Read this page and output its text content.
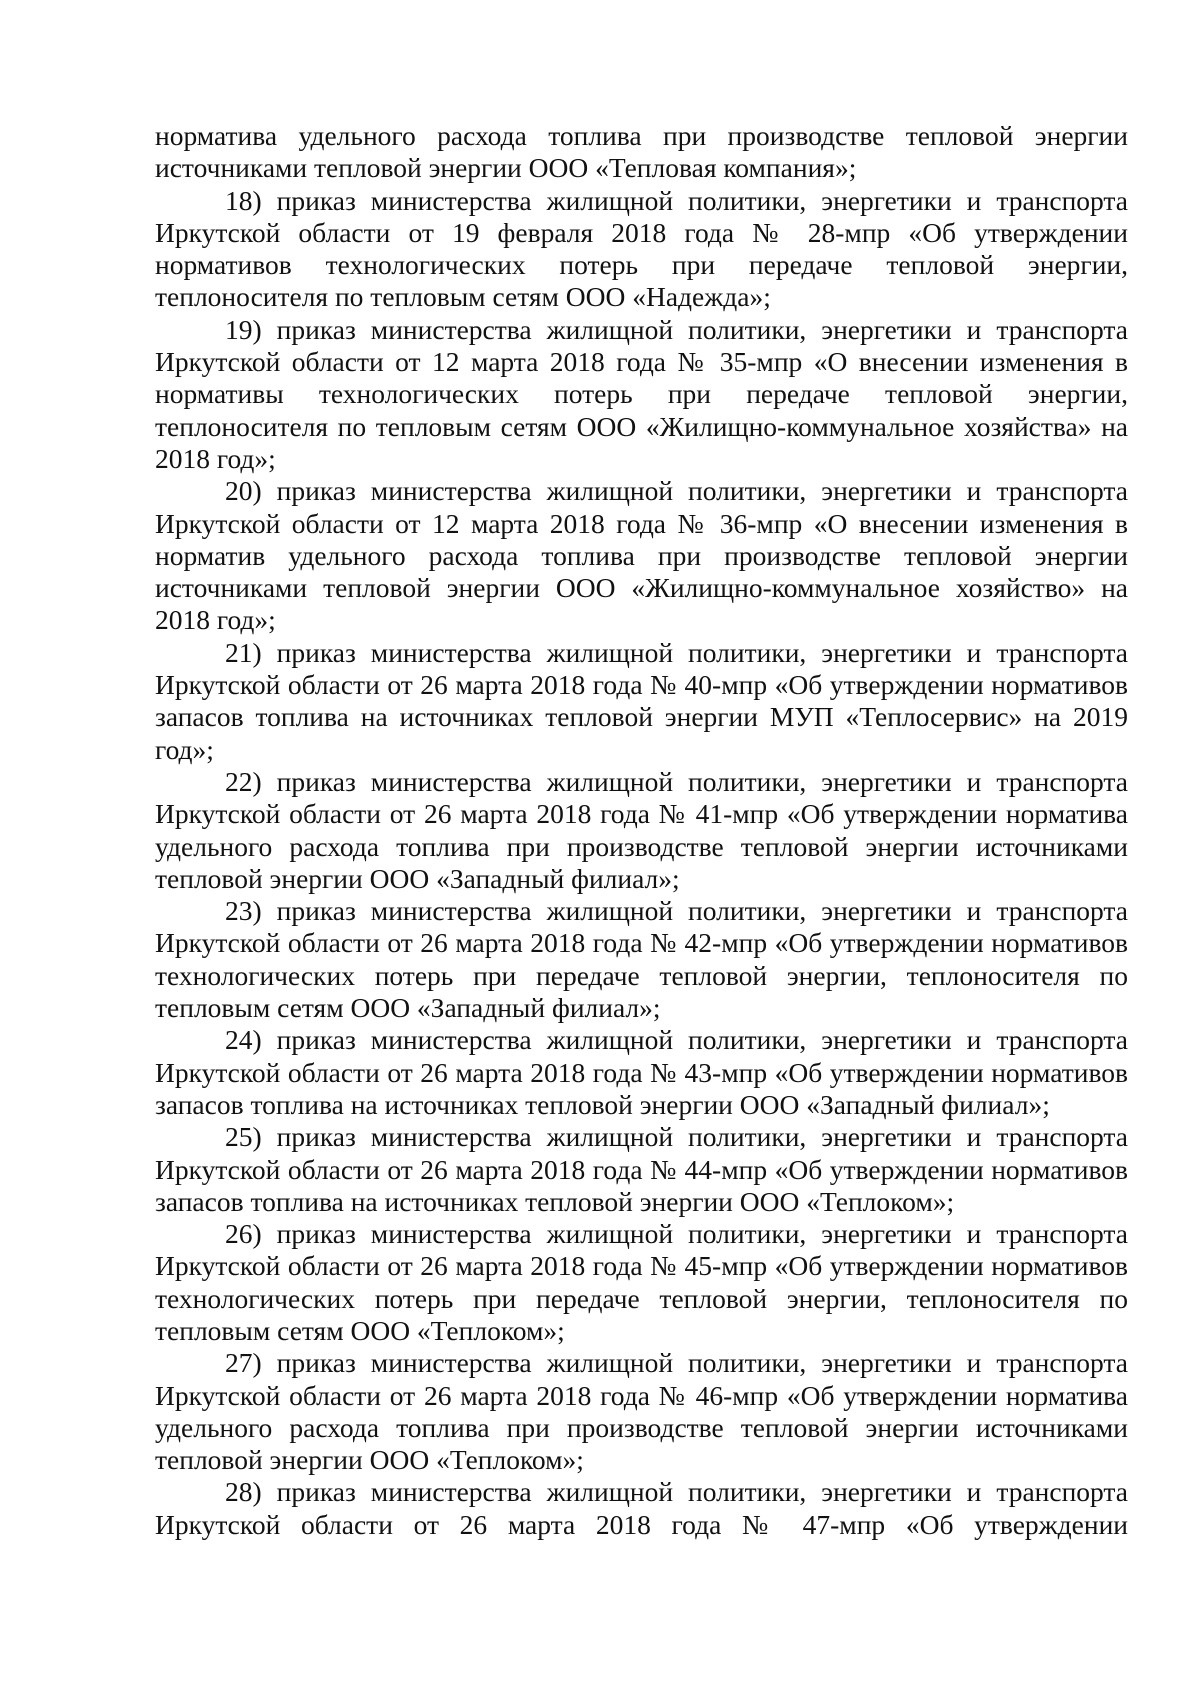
норматива удельного расхода топлива при производстве тепловой энергии источниками тепловой энергии ООО «Тепловая компания»;

18) приказ министерства жилищной политики, энергетики и транспорта Иркутской области от 19 февраля 2018 года № 28-мпр «Об утверждении нормативов технологических потерь при передаче тепловой энергии, теплоносителя по тепловым сетям ООО «Надежда»;

19) приказ министерства жилищной политики, энергетики и транспорта Иркутской области от 12 марта 2018 года № 35-мпр «О внесении изменения в нормативы технологических потерь при передаче тепловой энергии, теплоносителя по тепловым сетям ООО «Жилищно-коммунальное хозяйства» на 2018 год»;

20) приказ министерства жилищной политики, энергетики и транспорта Иркутской области от 12 марта 2018 года № 36-мпр «О внесении изменения в норматив удельного расхода топлива при производстве тепловой энергии источниками тепловой энергии ООО «Жилищно-коммунальное хозяйство» на 2018 год»;

21) приказ министерства жилищной политики, энергетики и транспорта Иркутской области от 26 марта 2018 года № 40-мпр «Об утверждении нормативов запасов топлива на источниках тепловой энергии МУП «Теплосервис» на 2019 год»;

22) приказ министерства жилищной политики, энергетики и транспорта Иркутской области от 26 марта 2018 года № 41-мпр «Об утверждении норматива удельного расхода топлива при производстве тепловой энергии источниками тепловой энергии ООО «Западный филиал»;

23) приказ министерства жилищной политики, энергетики и транспорта Иркутской области от 26 марта 2018 года № 42-мпр «Об утверждении нормативов технологических потерь при передаче тепловой энергии, теплоносителя по тепловым сетям ООО «Западный филиал»;

24) приказ министерства жилищной политики, энергетики и транспорта Иркутской области от 26 марта 2018 года № 43-мпр «Об утверждении нормативов запасов топлива на источниках тепловой энергии ООО «Западный филиал»;

25) приказ министерства жилищной политики, энергетики и транспорта Иркутской области от 26 марта 2018 года № 44-мпр «Об утверждении нормативов запасов топлива на источниках тепловой энергии ООО «Теплоком»;

26) приказ министерства жилищной политики, энергетики и транспорта Иркутской области от 26 марта 2018 года № 45-мпр «Об утверждении нормативов технологических потерь при передаче тепловой энергии, теплоносителя по тепловым сетям ООО «Теплоком»;

27) приказ министерства жилищной политики, энергетики и транспорта Иркутской области от 26 марта 2018 года № 46-мпр «Об утверждении норматива удельного расхода топлива при производстве тепловой энергии источниками тепловой энергии ООО «Теплоком»;

28) приказ министерства жилищной политики, энергетики и транспорта Иркутской области от 26 марта 2018 года № 47-мпр «Об утверждении
